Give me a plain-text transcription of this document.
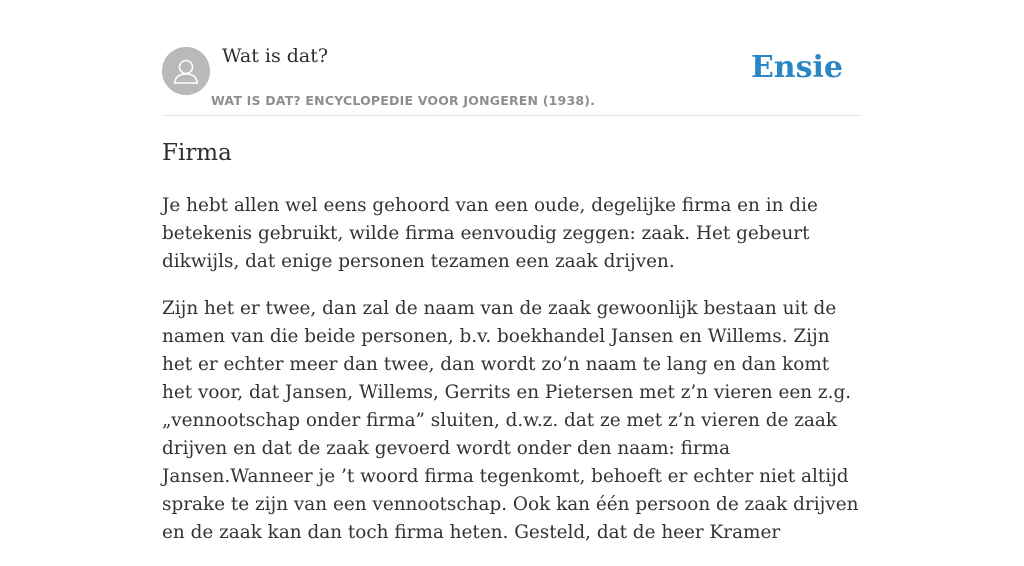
Wat is dat?
WAT IS DAT? ENCYCLOPEDIE VOOR JONGEREN (1938).
Ensie
Firma

Je hebt allen wel eens gehoord van een oude, degelijke firma en in die betekenis gebruikt, wilde firma eenvoudig zeggen: zaak. Het gebeurt dikwijls, dat enige personen tezamen een zaak drijven.

Zijn het er twee, dan zal de naam van de zaak gewoonlijk bestaan uit de namen van die beide personen, b.v. boekhandel Jansen en Willems. Zijn het er echter meer dan twee, dan wordt zo’n naam te lang en dan komt het voor, dat Jansen, Willems, Gerrits en Pietersen met z’n vieren een z.g. „vennootschap onder firma” sluiten, d.w.z. dat ze met z’n vieren de zaak drijven en dat de zaak gevoerd wordt onder den naam: firma Jansen.Wanneer je ’t woord firma tegenkomt, behoeft er echter niet altijd sprake te zijn van een vennootschap. Ook kan één persoon de zaak drijven en de zaak kan dan toch firma heten. Gesteld, dat de heer Kramer
